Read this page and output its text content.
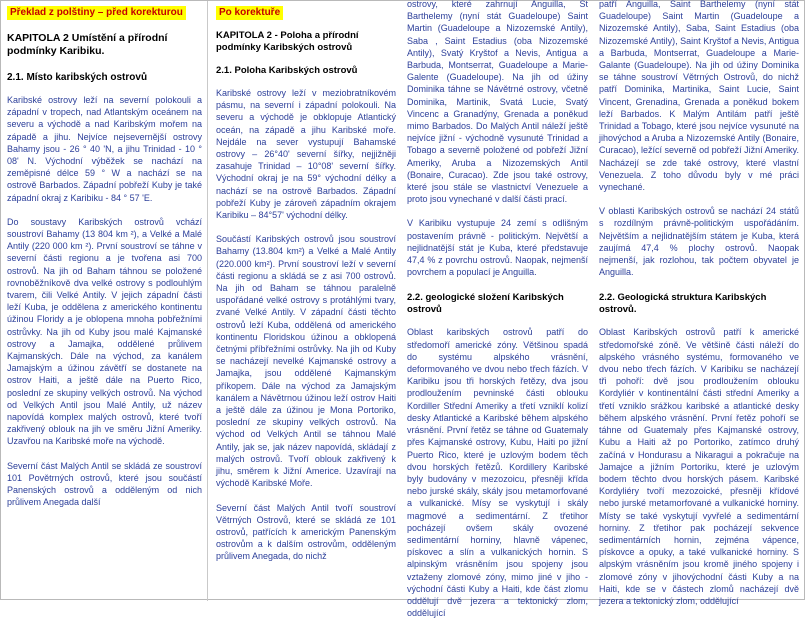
Překlad z polštiny – před korekturou
KAPITOLA 2 Umístění a přírodní podmínky Karibiku.
2.1. Místo karibských ostrovů

Karibské ostrovy leží na severní polokouli a západní v tropech, nad Atlantským oceánem na severu a východě a nad Karibským mořem na západě a jihu. Nejvíce nejsevernější ostrovy Bahamy jsou - 26 ° 40 'N, a jihu Trinidad - 10 ° 08' N. Východní výběžek se nachází na zeměpisné délce 59 ° W a nachází se na ostrově Barbados. Západní pobřeží Kuby je také západní okraj z Karibiku - 84 ° 57 'E.

Do soustavy Karibských ostrovů vchází soustroví Bahamy (13 804 km ²), a Velké a Malé Antily (220 000 km ²). První soustroví se táhne v severní části regionu a je tvořena asi 700 ostrovů. Na jih od Baham táhnou se položené rovnoběžníkově dva velké ostrovy s podlouhlým tvarem, čili Velké Antily. V jejich západní části leží Kuba, je oddělena z amerického kontinentu úžinou Floridy a je oblopena mnoha pobřežními ostrůvky. Na jih od Kuby jsou malé Kajmanské ostrovy a Jamajka, oddělené průlivem Kajmanských. Dále na východ, za kanálem Jamajským a úžinou závětří se dostanete na ostrov Haiti, a ještě dále na Puerto Rico, poslední ze skupiny velkých ostrovů. Na východ od Velkých Antil jsou Malé Antily, už název napovídá komplex malých ostrovů, které tvoří zakřivený oblouk na jih ve směru Jižní Ameriky. Uzavřou na Karibské moře na východě.

Severní část Malých Antil se skládá ze soustroví 101 Povětrných ostrovů, které jsou součástí Panenských ostrovů a odděleným od nich průlivem Anegada další

Po korektuře
KAPITOLA 2 - Poloha a přírodní podmínky Karibských ostrovů
2.1. Poloha Karibských ostrovů

Karibské ostrovy leží v meziobratníkovém pásmu, na severní i západní polokouli. Na severu a východě je obklopuje Atlantický oceán, na západě a jihu Karibské moře. Nejdále na sever vystupují Bahamské ostrovy – 26°40' severní šířky, nejjižněji zasahuje Trinidad – 10°08' severní šířky. Východní okraj je na 59° východní délky a nachází se na ostrově Barbados. Západní pobřeží Kuby je zároveň západním okrajem Karibiku – 84°57' východní délky.

Součástí Karibských ostrovů jsou soustroví Bahamy (13.804 km²) a Velké a Malé Antily (220.000 km²). První soustroví leží v severní části regionu a skládá se z asi 700 ostrovů. Na jih od Baham se táhnou paralelně uspořádané velké ostrovy s protáhlými tvary, zvané Velké Antily. V západní části těchto ostrovů leží Kuba, oddělená od amerického kontinentu Floridskou úžinou a obklopená četnými příbřežními ostrůvky. Na jih od Kuby se nacházejí nevelké Kajmanské ostrovy a Jamajka, jsou oddělené Kajmanským příkopem. Dále na východ za Jamajským kanálem a Návětrnou úžinou leží ostrov Haiti a ještě dále za úžinou je Mona Portoriko, poslední ze skupiny velkých ostrovů. Na východ od Velkých Antil se táhnou Malé Antily, jak se, jak název napovídá, skládají z malých ostrovů. Tvoří oblouk zakřivený k jihu, směrem k Jižní Americe. Uzavírají na východě Karibské Moře.

Severní část Malých Antil tvoří soustroví Větrných Ostrovů, které se skládá ze 101 ostrovů, patřících k americkým Panenským ostrovům a k dalším ostrovům, odděleným průlivem Anegada, do nichž

ostrovy, které zahrnují Anguilla, St Barthelemy (nyní stát Guadeloupe) Saint Martin (Guadeloupe a Nizozemské Antily), Saba , Saint Estadius (oba Nizozemské Antily), Svatý Kryštof a Nevis, Antigua a Barbuda, Montserrat, Guadeloupe a Marie-Galente (Guadeloupe). Na jih od úžiny Dominika táhne se Návětrné ostrovy, včetně Dominika, Martinik, Svatá Lucie, Svatý Vincenc a Granadýny, Grenada a poněkud mimo Barbados. Do Malých Antil náleží ještě nejvíce jižní - východně vysunuté Trinidad a Tobago a severně položené od pobřeží Jižní Ameriky, Aruba a Nizozemských Antil (Bonaire, Curacao). Zde jsou také ostrovy, které jsou stále se vlastnictví Venezuele a proto jsou vynechané v další části prací.

V Karibiku vystupuje 24 zemí s odlišným postavením právně - politickým. Největší a nejlidnatější stát je Kuba, které představuje 47,4 % z povrchu ostrovů. Naopak, nejmenší povrchem a populací je Anguilla.

2.2. geologické složení Karibských ostrovů

Oblast karibských ostrovů patří do středomoří americké zóny. Většinou spadá do systému alpského vrásnění, deformovaného ve dvou nebo třech fázích. V Karibiku jsou tři horských řetězy, dva jsou prodloužením pevninské části oblouku Kordiller Střední Ameriky a třetí vzniklí kolizí desky Atlantické a Karibské během alpského vrásnění. První řetěz se táhne od Guatemaly přes Kajmanské ostrovy, Kubu, Haiti po jižní Puerto Rico, které je uzlovým bodem těch dvou horských řetězů. Kordillery Karibské byly budovány v mezozoicu, přesněji křída nebo jurské skály, skály jsou metamorfované a vulkanické. Mísy se vyskytují i skály magmové a sedimentární. Z třetihor pocházejí ovšem skály ovozené sedimentární horniny, hlavně vápenec, pískovec a slín a vulkanických hornin. S alpinským vrásněním jsou spojeny jsou vztaženy zlomové zóny, mimo jiné v jiho - východní části Kuby a Haiti, kde část zlomu oddělují dvě jezera a tektonický zlom, oddělující

patří Anguilla, Saint Barthelemy (nyní stát Guadeloupe) Saint Martin (Guadeloupe a Nizozemské Antily), Saba, Saint Estadius (oba Nizozemské Antily), Saint Kryštof a Nevis, Antigua a Barbuda, Montserrat, Guadeloupe a Marie-Galante (Guadeloupe). Na jih od úžiny Dominika se táhne soustroví Větrných Ostrovů, do nichž patří Dominika, Martinika, Saint Lucie, Saint Vincent, Grenadina, Grenada a poněkud bokem leží Barbados. K Malým Antilám patří ještě Trinidad a Tobago, které jsou nejvíce vysunuté na jihovýchod a Aruba a Nizozemské Antily (Bonaire, Curacao), ležící severně od pobřeží Jižní Ameriky. Nacházejí se zde také ostrovy, které vlastní Venezuela. Z toho důvodu byly v mé práci vynechané.

V oblasti Karibských ostrovů se nachází 24 států s rozdílným právně-politickým uspořádáním. Největším a nejlidnatějším státem je Kuba, která zaujímá 47,4 % plochy ostrovů. Naopak nejmenší, jak rozlohou, tak počtem obyvatel je Anguilla.

2.2. Geologická struktura Karibských ostrovů.

Oblast Karibských ostrovů patří k americké středomořské zóně. Ve většině části náleží do alpského vrásného systému, formovaného ve dvou nebo třech fázích. V Karibiku se nacházejí tři pohoří: dvě jsou prodloužením oblouku Kordyliér v kontinentální části střední Ameriky a třetí vzniklo srážkou karibské a atlantické desky během alpského vrásnění. První řetěz pohoří se táhne od Guatemaly přes Kajmanské ostrovy, Kubu a Haiti až po Portoriko, zatímco druhý začíná v Hondurasu a Nikaragui a pokračuje na Jamajce a jižním Portoriku, které je uzlovým bodem těchto dvou horských pásem. Karibské Kordyliéry tvoří mezozoické, přesněji křídové nebo jurské metamorfované a vulkanické horniny. Místy se také vyskytují vyvřelé a sedimentární horniny. Z třetihor pak pocházejí sekvence sedimentárních hornin, zejména vápence, pískovce a opuky, a také vulkanické horniny. S alpským vrásněním jsou kromě jiného spojeny i zlomové zóny v jihovýchodní části Kuby a na Haiti, kde se v částech zlomů nacházejí dvě jezera a tektonický zlom, oddělující
